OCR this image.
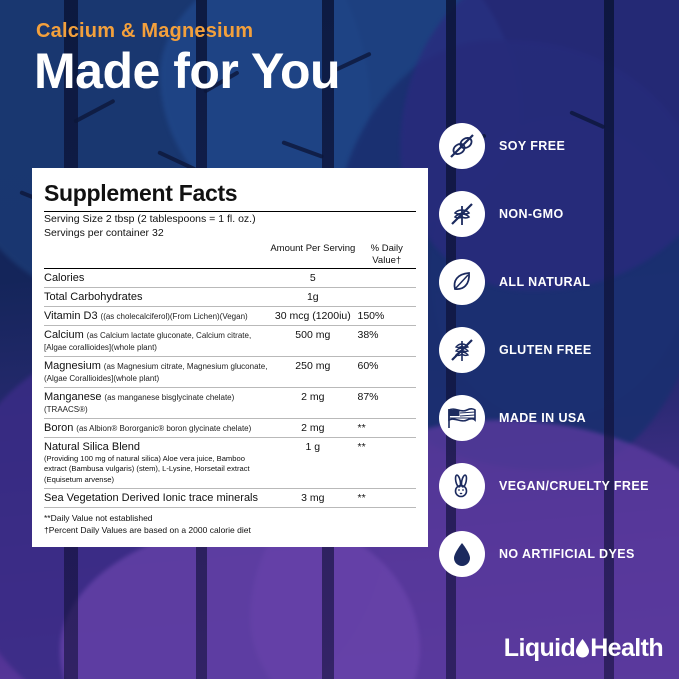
Calcium & Magnesium
Made for You
Supplement Facts
Serving Size 2 tbsp (2 tablespoons = 1 fl. oz.)
Servings per container 32
	Amount Per Serving	% Daily Value†
Calories	5	
Total Carbohydrates	1g	
Vitamin D3 ((as cholecalciferol)(From Lichen)(Vegan)	30 mcg (1200iu)	150%
Calcium (as Calcium lactate gluconate, Calcium citrate, [Algae corallioides](whole plant)	500 mg	38%
Magnesium (as Magnesium citrate, Magnesium gluconate, (Algae Corallioides](whole plant)	250 mg	60%
Manganese (as manganese bisglycinate chelate) (TRAACS®)	2 mg	87%
Boron (as Albion® Bororganic® boron glycinate chelate)	2 mg	**
Natural Silica Blend
(Providing 100 mg of natural silica) Aloe vera juice, Bamboo extract (Bambusa vulgaris) (stem), L-Lysine, Horsetail extract (Equisetum arvense)	1 g	**
Sea Vegetation Derived Ionic trace minerals	3 mg	**
**Daily Value not established
†Percent Daily Values are based on a 2000 calorie diet
SOY FREE
NON-GMO
ALL NATURAL
GLUTEN FREE
MADE IN USA
VEGAN/CRUELTY FREE
NO ARTIFICIAL DYES
Liquid Health
